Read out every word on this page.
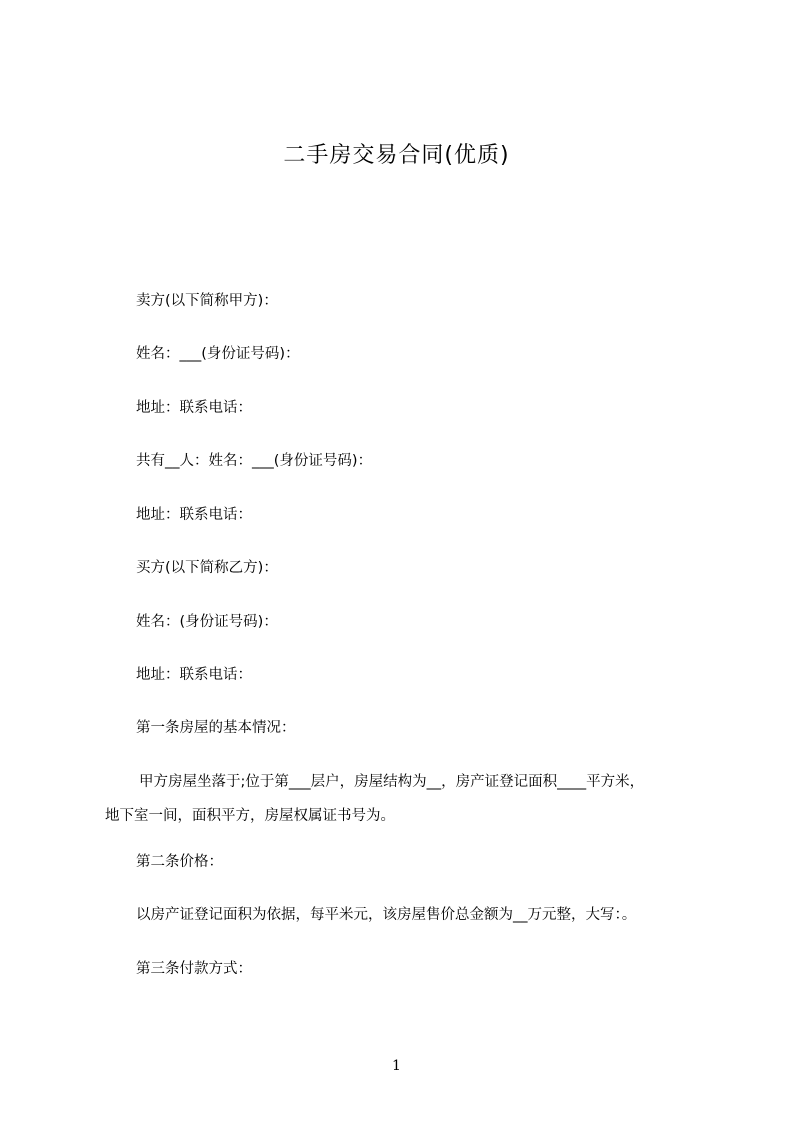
二手房交易合同(优质)
卖方(以下简称甲方)：
姓名：___(身份证号码)：
地址：联系电话：
共有__人：姓名：___(身份证号码)：
地址：联系电话：
买方(以下简称乙方)：
姓名：(身份证号码)：
地址：联系电话：
第一条房屋的基本情况：
甲方房屋坐落于;位于第___层户，房屋结构为__，房产证登记面积____平方米，
地下室一间，面积平方，房屋权属证书号为。
第二条价格：
以房产证登记面积为依据，每平米元，该房屋售价总金额为__万元整，大写：。
第三条付款方式：
1
